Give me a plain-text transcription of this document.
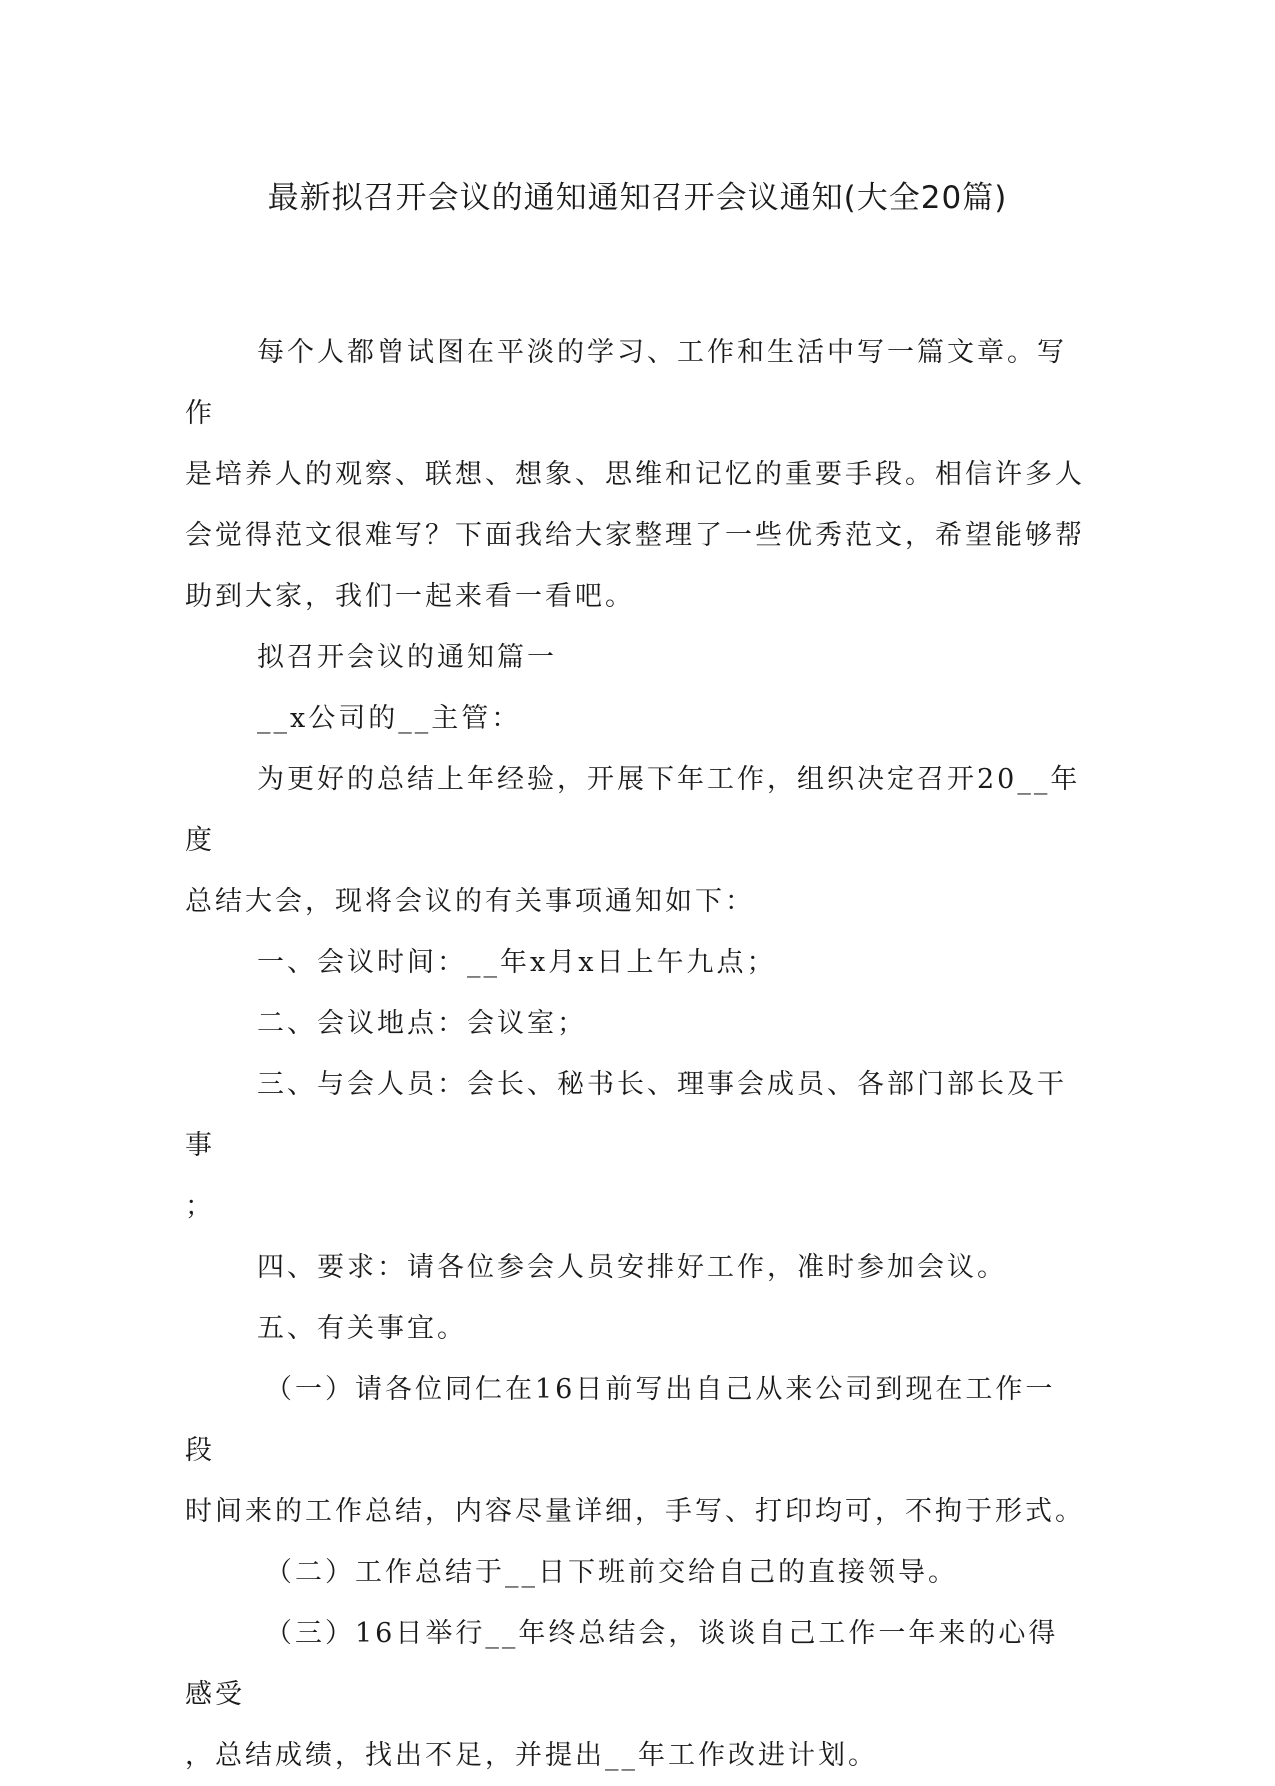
最新拟召开会议的通知通知召开会议通知(大全20篇)

每个人都曾试图在平淡的学习、工作和生活中写一篇文章。写作

是培养人的观察、联想、想象、思维和记忆的重要手段。相信许多人

会觉得范文很难写？下面我给大家整理了一些优秀范文，希望能够帮

助到大家，我们一起来看一看吧。

拟召开会议的通知篇一

__x公司的__主管：

为更好的总结上年经验，开展下年工作，组织决定召开20__年度

总结大会，现将会议的有关事项通知如下：

一、会议时间：__年x月x日上午九点；

二、会议地点：会议室；

三、与会人员：会长、秘书长、理事会成员、各部门部长及干事

；

四、要求：请各位参会人员安排好工作，准时参加会议。

五、有关事宜。

（一）请各位同仁在16日前写出自己从来公司到现在工作一段

时间来的工作总结，内容尽量详细，手写、打印均可，不拘于形式。

（二）工作总结于__日下班前交给自己的直接领导。

（三）16日举行__年终总结会，谈谈自己工作一年来的心得感受

，总结成绩，找出不足，并提出__年工作改进计划。
